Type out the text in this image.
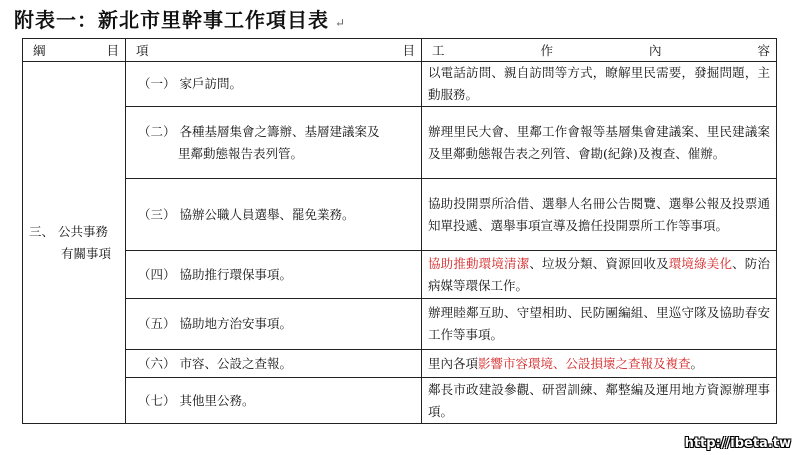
附表一：新北市里幹事工作項目表 ↵
綱 目	項 目	工 作 內 容

三、 公共事務
有關事項	（一） 家戶訪問。	以電話訪問、親自訪問等方式，瞭解里民需要，發掘問題，主動服務。

	（二） 各種基層集會之籌辦、基層建議案及
里鄰動態報告表列管。	辦理里民大會、里鄰工作會報等基層集會建議案、里民建議案及里鄰動態報告表之列管、會勘(紀錄)及複查、催辦。

	（三） 協辦公職人員選舉、罷免業務。	協助投開票所洽借、選舉人名冊公告閱覽、選舉公報及投票通知單投遞、選舉事項宣導及擔任投開票所工作等事項。

	（四） 協助推行環保事項。	協助推動環境清潔、垃圾分類、資源回收及環境綠美化、防治病媒等環保工作。

	（五） 協助地方治安事項。	辦理睦鄰互助、守望相助、民防團編組、里巡守隊及協助春安工作等事項。

	（六） 市容、公設之查報。	里內各項影響市容環境、公設損壞之查報及複查。

	（七） 其他里公務。	鄰長市政建設參觀、研習訓練、鄰整編及運用地方資源辦理事項。
http://ibeta.tw
